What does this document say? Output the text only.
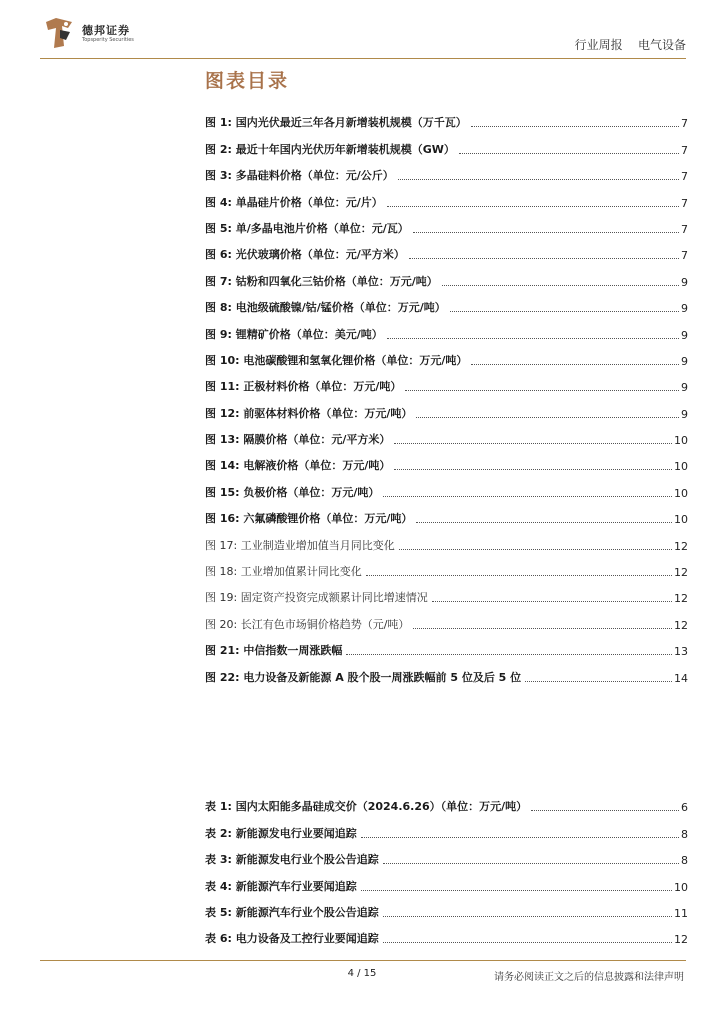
德邦证券
Topsperity Securities	行业周报 电气设备
图表目录
图 1: 国内光伏最近三年各月新增装机规模（万千瓦）	7
图 2: 最近十年国内光伏历年新增装机规模（GW）	7
图 3: 多晶硅料价格（单位：元/公斤）	7
图 4: 单晶硅片价格（单位：元/片）	7
图 5: 单/多晶电池片价格（单位：元/瓦）	7
图 6: 光伏玻璃价格（单位：元/平方米）	7
图 7: 钴粉和四氧化三钴价格（单位：万元/吨）	9
图 8: 电池级硫酸镍/钴/锰价格（单位：万元/吨）	9
图 9: 锂精矿价格（单位：美元/吨）	9
图 10: 电池碳酸锂和氢氧化锂价格（单位：万元/吨）	9
图 11: 正极材料价格（单位：万元/吨）	9
图 12: 前驱体材料价格（单位：万元/吨）	9
图 13: 隔膜价格（单位：元/平方米）	10
图 14: 电解液价格（单位：万元/吨）	10
图 15: 负极价格（单位：万元/吨）	10
图 16: 六氟磷酸锂价格（单位：万元/吨）	10
图 17: 工业制造业增加值当月同比变化	12
图 18: 工业增加值累计同比变化	12
图 19: 固定资产投资完成额累计同比增速情况	12
图 20: 长江有色市场铜价格趋势（元/吨）	12
图 21: 中信指数一周涨跌幅	13
图 22: 电力设备及新能源 A 股个股一周涨跌幅前 5 位及后 5 位	14
表 1: 国内太阳能多晶硅成交价（2024.6.26）（单位：万元/吨）	6
表 2: 新能源发电行业要闻追踪	8
表 3: 新能源发电行业个股公告追踪	8
表 4: 新能源汽车行业要闻追踪	10
表 5: 新能源汽车行业个股公告追踪	11
表 6: 电力设备及工控行业要闻追踪	12
4 / 15	请务必阅读正文之后的信息披露和法律声明
